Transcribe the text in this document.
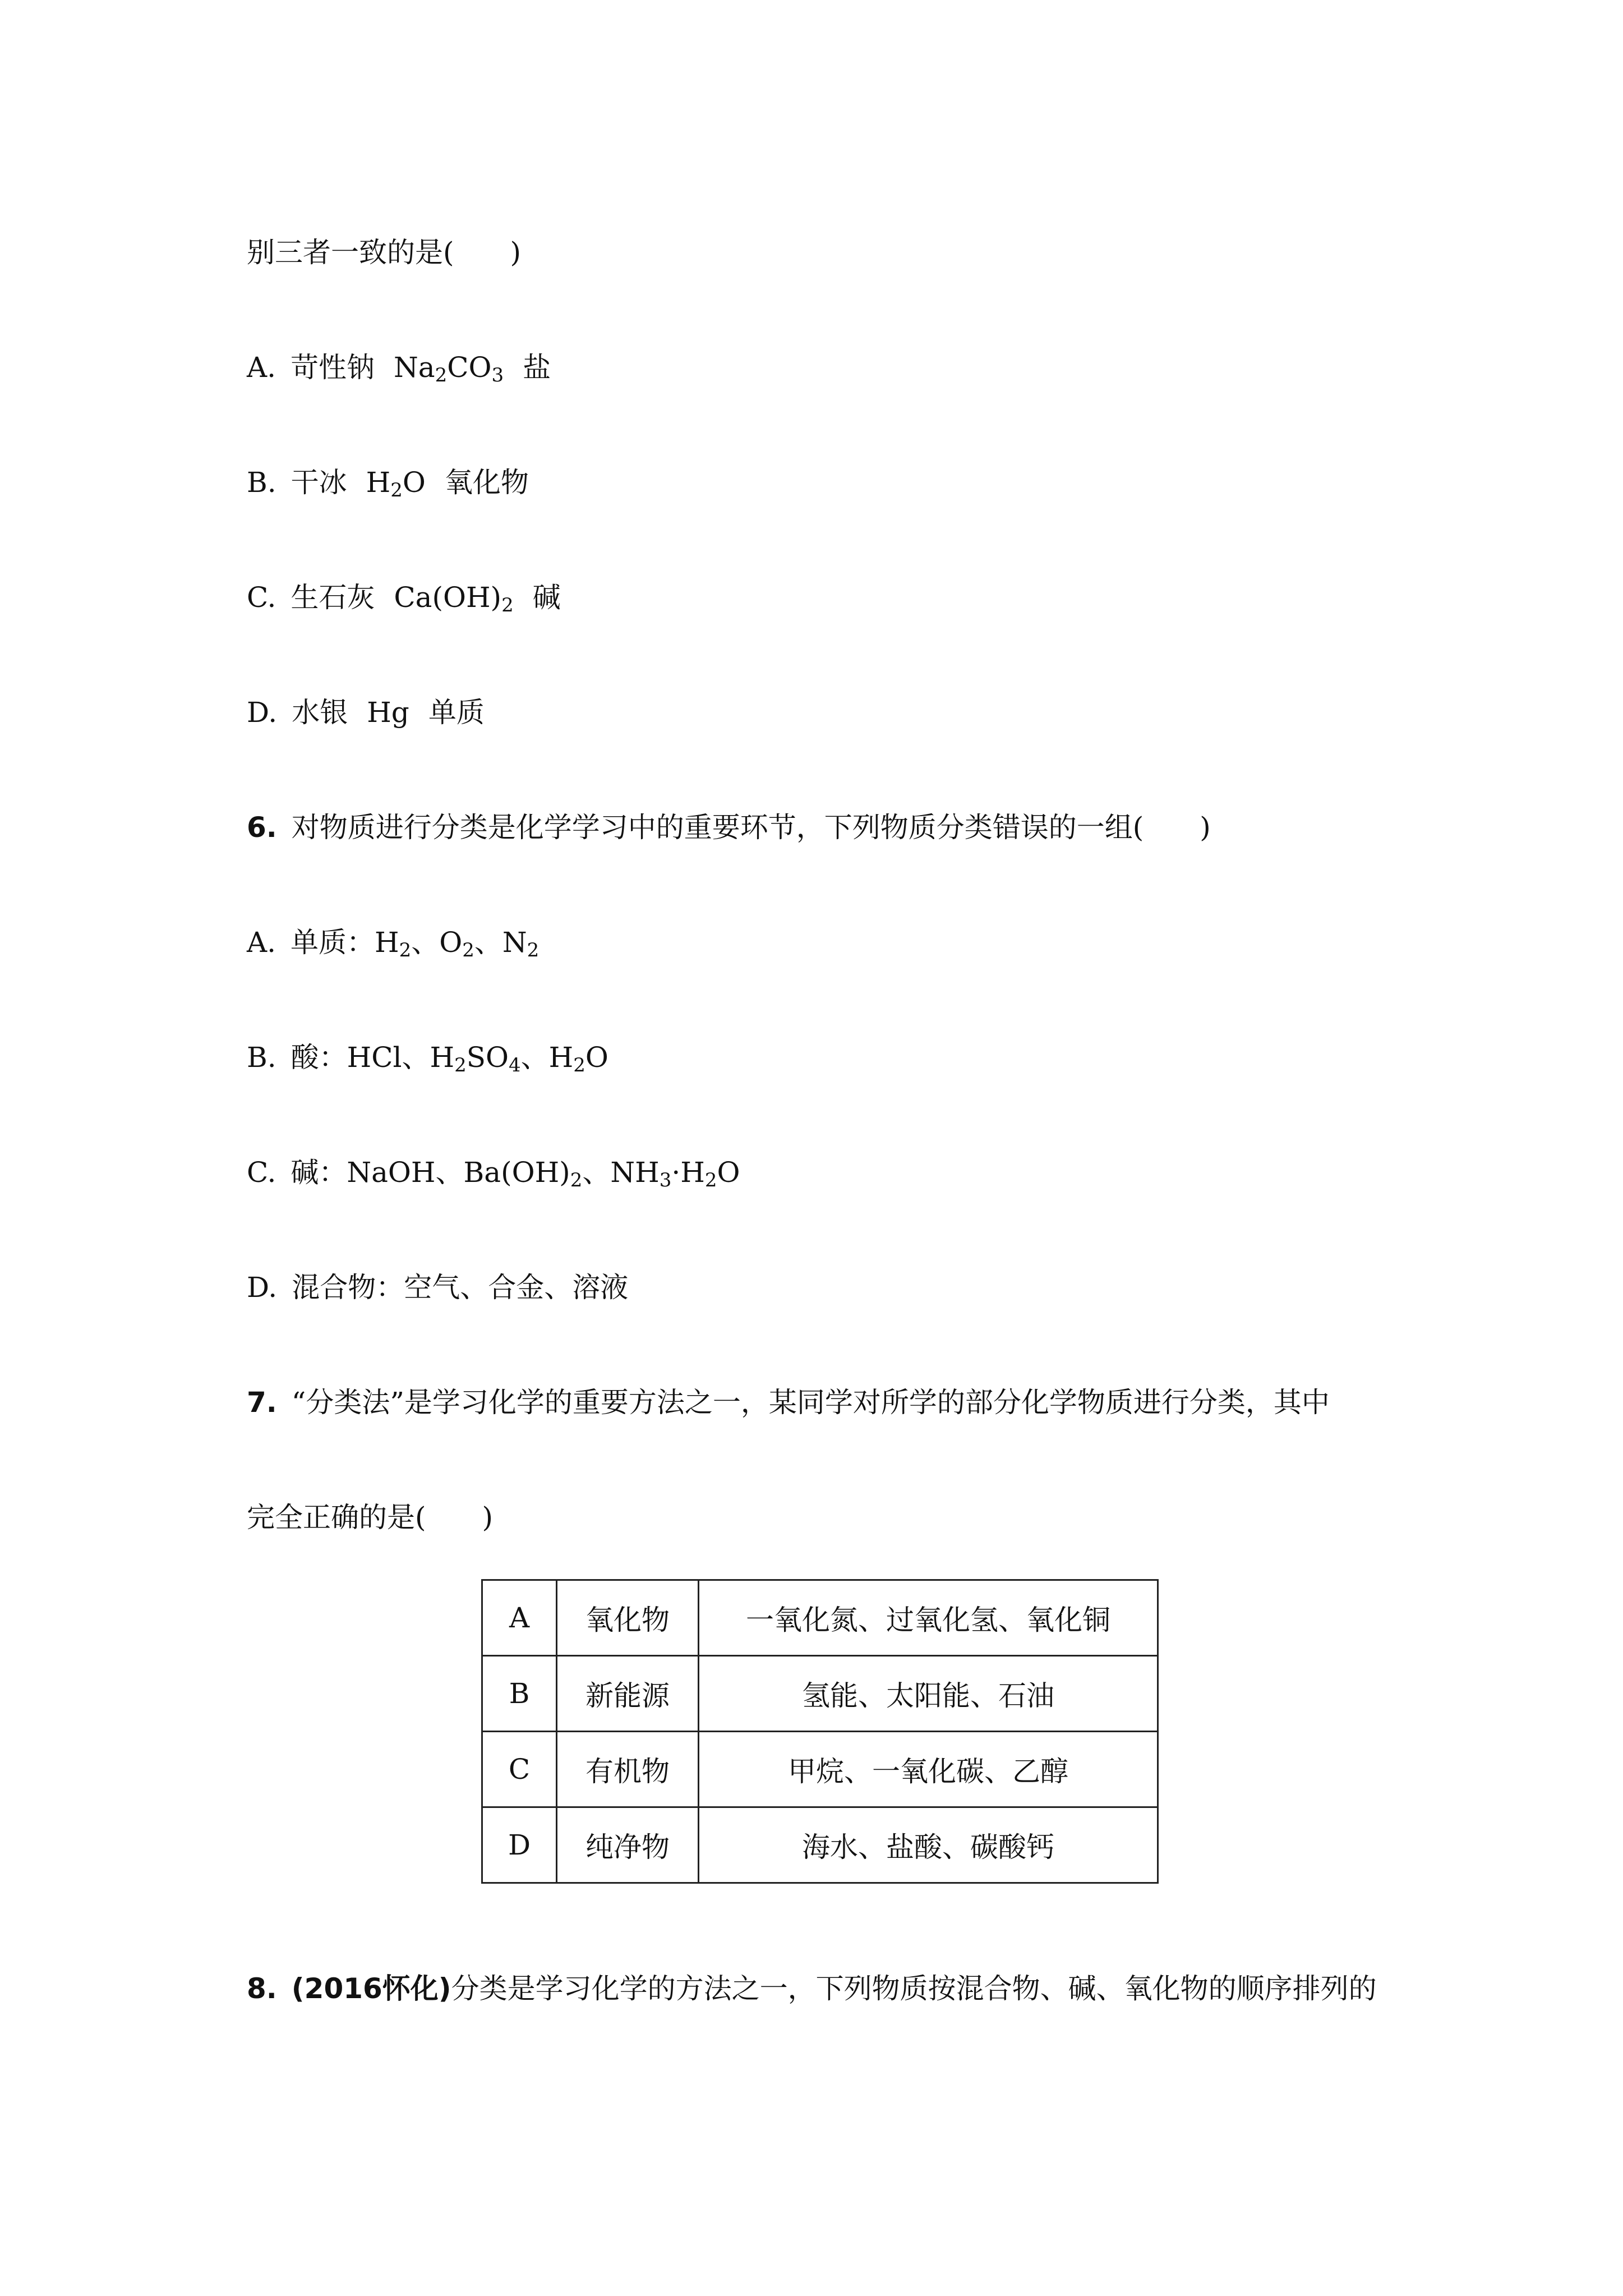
别三者一致的是(　　)
A. 苛性钠 $Na_2CO_3$ 盐
B. 干冰 $H_2O$ 氧化物
C. 生石灰 $Ca(OH)_2$ 碱
D. 水银 Hg 单质
6. 对物质进行分类是化学学习中的重要环节，下列物质分类错误的一组(　　)
A. 单质：$H_2$、$O_2$、$N_2$
B. 酸：HCl、$H_2SO_4$、$H_2O$
C. 碱：NaOH、$Ba(OH)_2$、$NH_3\cdot H_2O$
D. 混合物：空气、合金、溶液
7. “分类法”是学习化学的重要方法之一，某同学对所学的部分化学物质进行分类，其中
完全正确的是(　　)
A	氧化物	一氧化氮、过氧化氢、氧化铜
B	新能源	氢能、太阳能、石油
C	有机物	甲烷、一氧化碳、乙醇
D	纯净物	海水、盐酸、碳酸钙
8. (2016怀化)分类是学习化学的方法之一，下列物质按混合物、碱、氧化物的顺序排列的
